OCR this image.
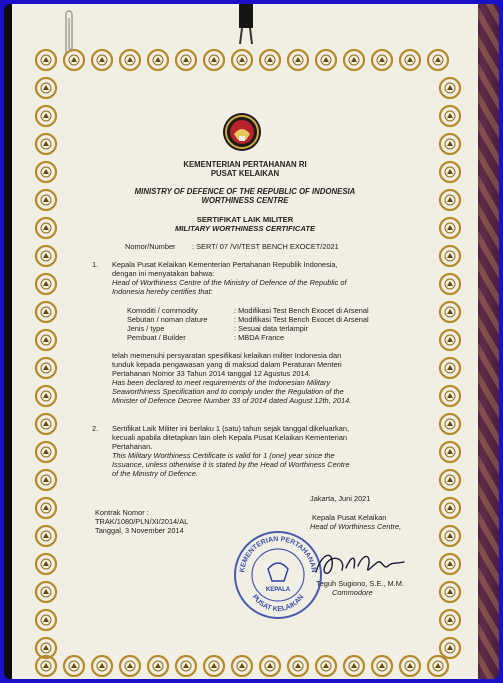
KEMENTERIAN PERTAHANAN RI
PUSAT KELAIKAN
MINISTRY OF DEFENCE OF THE REPUBLIC OF INDONESIA
WORTHINESS CENTRE
SERTIFIKAT LAIK MILITER
MILITARY WORTHINESS CERTIFICATE
Nomor/Number : SERT/ 07 /VI/TEST BENCH EXOCET/2021
1. Kepala Pusat Kelaikan Kementerian Pertahanan Republik Indonesia,
dengan ini menyatakan bahwa:
Head of Worthiness Centre of the Ministry of Defence of the Republic of
Indonesia hereby certifies that:
Komoditi / commodity	: Modifikasi Test Bench Exocet di Arsenal
Sebutan / noman clature	: Modifikasi Test Bench Exocet di Arsenal
Jenis / type	: Sesuai data terlampir
Pembuat / Builder	: MBDA France
telah memenuhi persyaratan spesifikasi kelaikan militer Indonesia dan
tunduk kepada pengawasan yang di maksud dalam Peraturan Menteri
Pertahanan Nomor 33 Tahun 2014 tanggal 12 Agustus 2014.
Has been declared to meet requirements of the Indonesian Military
Seaworthiness Specification and to comply under the Regulation of the
Minister of Defence Decree Number 33 of 2014 dated August 12th, 2014.
2. Sertifikat Laik Militer ini berlaku 1 (satu) tahun sejak tanggal dikeluarkan,
kecuali apabila ditetapkan lain oleh Kepala Pusat Kelaikan Kementerian
Pertahanan.
This Military Worthiness Certificate is valid for 1 (one) year since the
Issuance, unless otherwise it is stated by the Head of Worthiness Centre
of the Ministry of Defence.
Jakarta, Juni 2021
Kontrak Nomor :
TRAK/1080/PLN/XI/2014/AL
Tanggal, 3 November 2014
Kepala Pusat Kelaikan
Head of Worthiness Centre,
Teguh Sugiono, S.E., M.M.
Commodore
KEMENTERIAN PERTAHANAN
PUSAT KELAIKAN
KEPALA
